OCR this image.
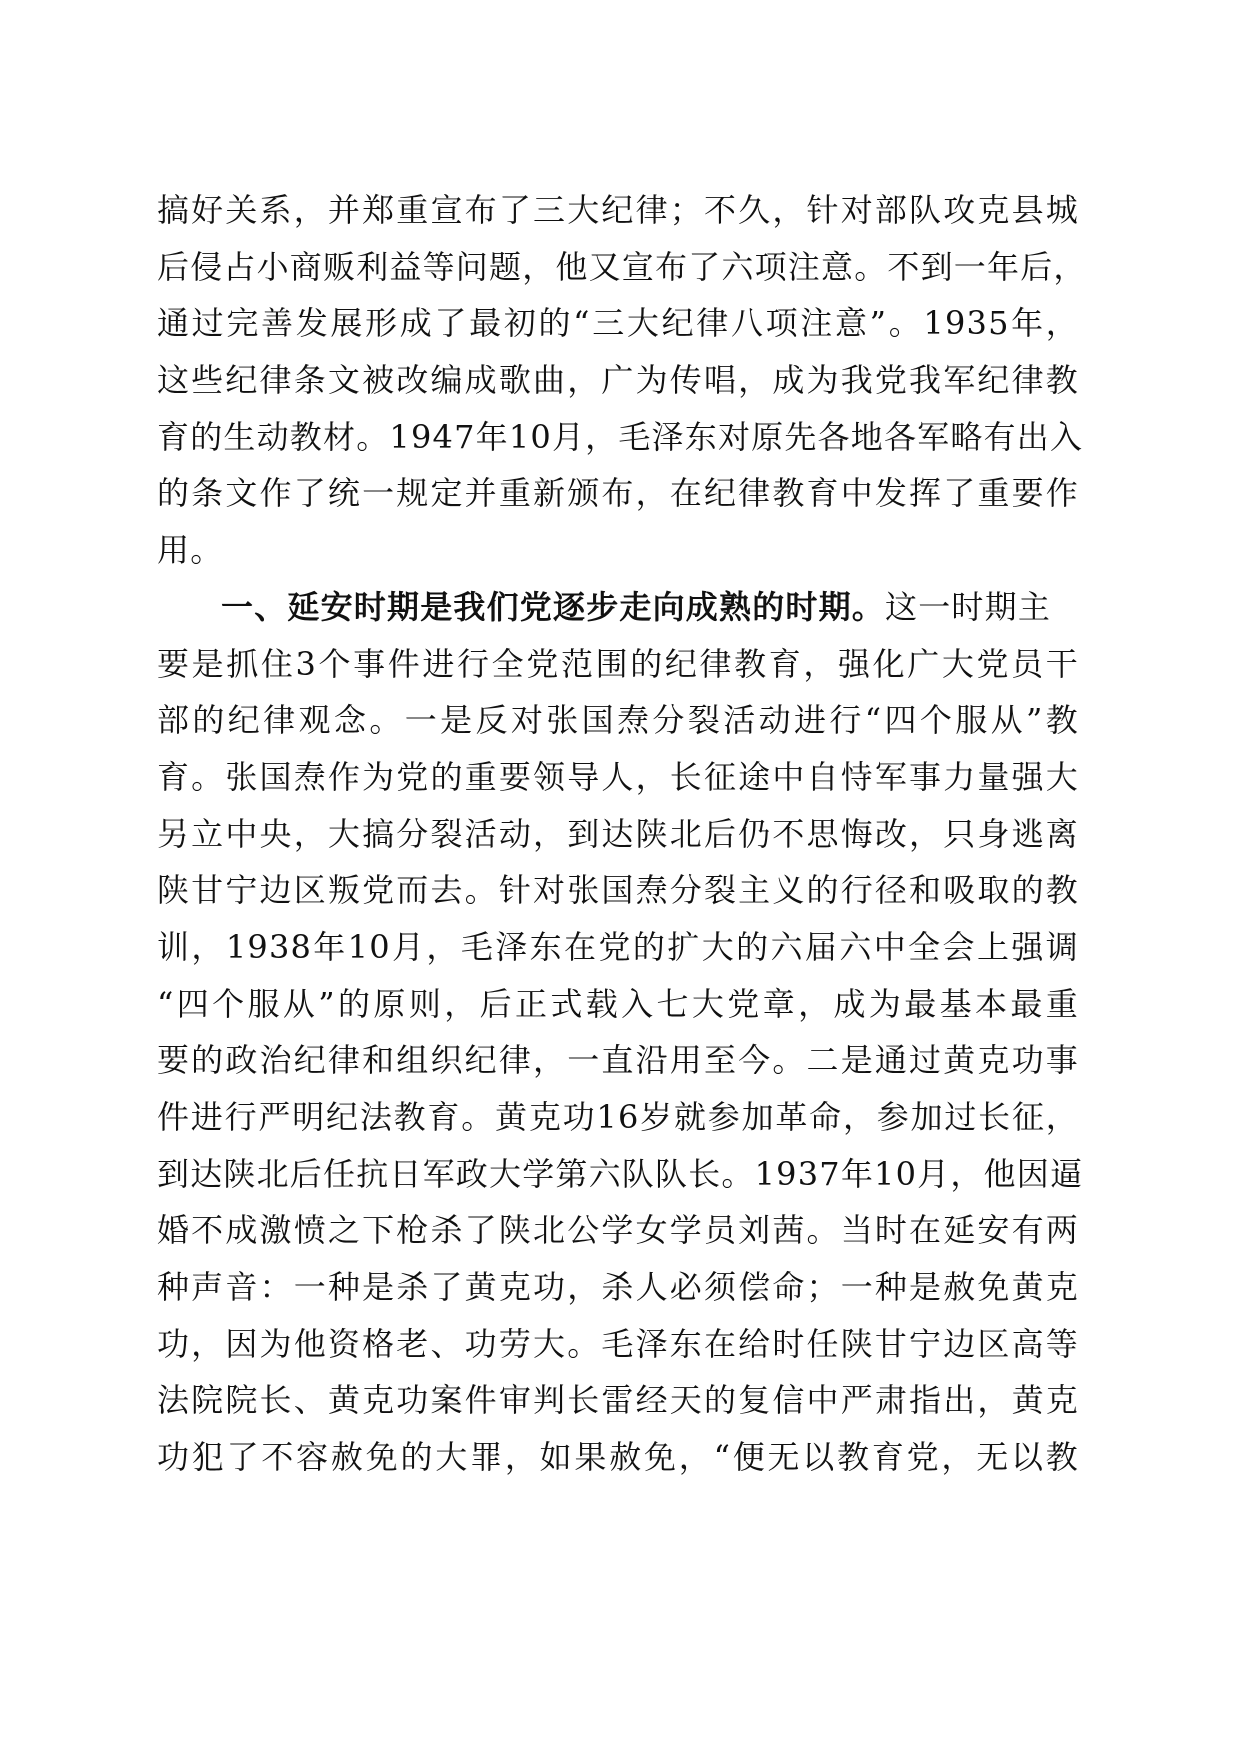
搞好关系，并郑重宣布了三大纪律；不久，针对部队攻克县城
后侵占小商贩利益等问题，他又宣布了六项注意。不到一年后，
通过完善发展形成了最初的“三大纪律八项注意”。1935年，
这些纪律条文被改编成歌曲，广为传唱，成为我党我军纪律教
育的生动教材。1947年10月，毛泽东对原先各地各军略有出入
的条文作了统一规定并重新颁布，在纪律教育中发挥了重要作
用。
一、延安时期是我们党逐步走向成熟的时期。这一时期主
要是抓住3个事件进行全党范围的纪律教育，强化广大党员干
部的纪律观念。一是反对张国焘分裂活动进行“四个服从”教
育。张国焘作为党的重要领导人，长征途中自恃军事力量强大
另立中央，大搞分裂活动，到达陕北后仍不思悔改，只身逃离
陕甘宁边区叛党而去。针对张国焘分裂主义的行径和吸取的教
训，1938年10月，毛泽东在党的扩大的六届六中全会上强调
“四个服从”的原则，后正式载入七大党章，成为最基本最重
要的政治纪律和组织纪律，一直沿用至今。二是通过黄克功事
件进行严明纪法教育。黄克功16岁就参加革命，参加过长征，
到达陕北后任抗日军政大学第六队队长。1937年10月，他因逼
婚不成激愤之下枪杀了陕北公学女学员刘茜。当时在延安有两
种声音：一种是杀了黄克功，杀人必须偿命；一种是赦免黄克
功，因为他资格老、功劳大。毛泽东在给时任陕甘宁边区高等
法院院长、黄克功案件审判长雷经天的复信中严肃指出，黄克
功犯了不容赦免的大罪，如果赦免，“便无以教育党，无以教
